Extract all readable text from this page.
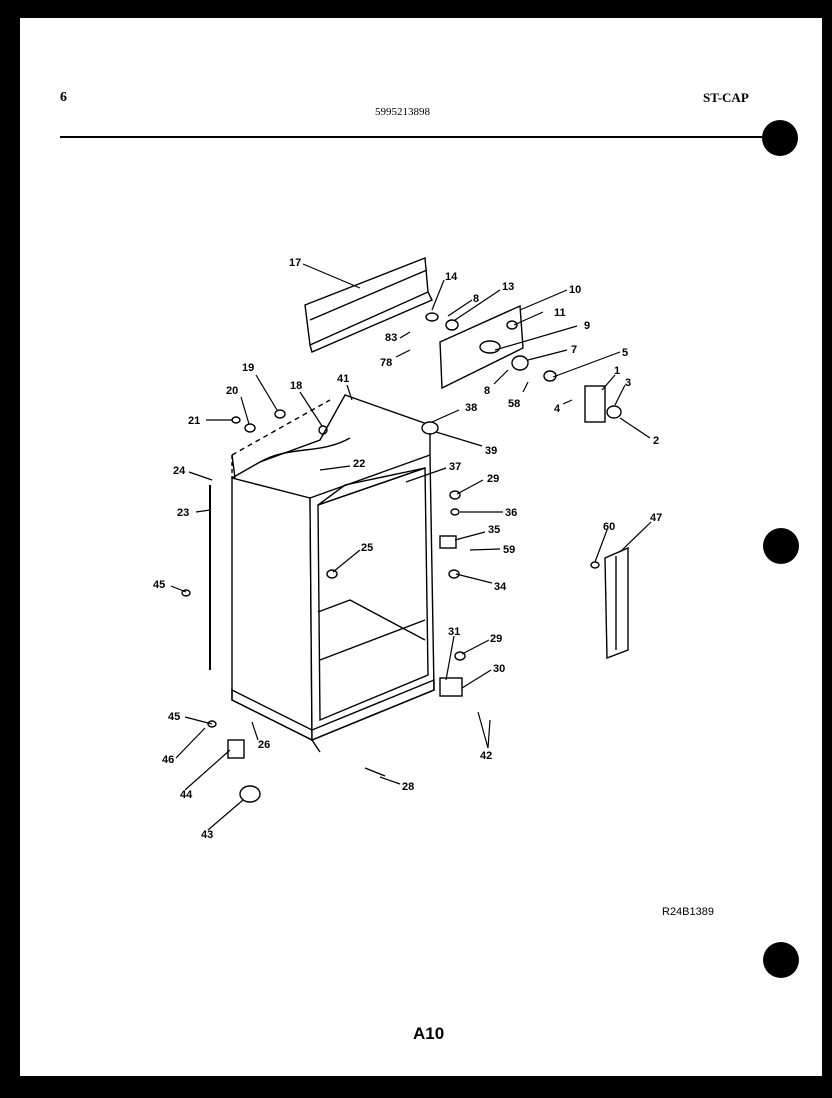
17
14
8
13	10
11
9
83
78
7	5
1
3
8
58	4
2
19
18
41
38
20
21
39
22	37
24
29
23	36
35
59
25
34
45
60
47
31
29
30
45
26
42
46
44
28
43
6
5995213898
ST-CAP
R24B1389
A10
